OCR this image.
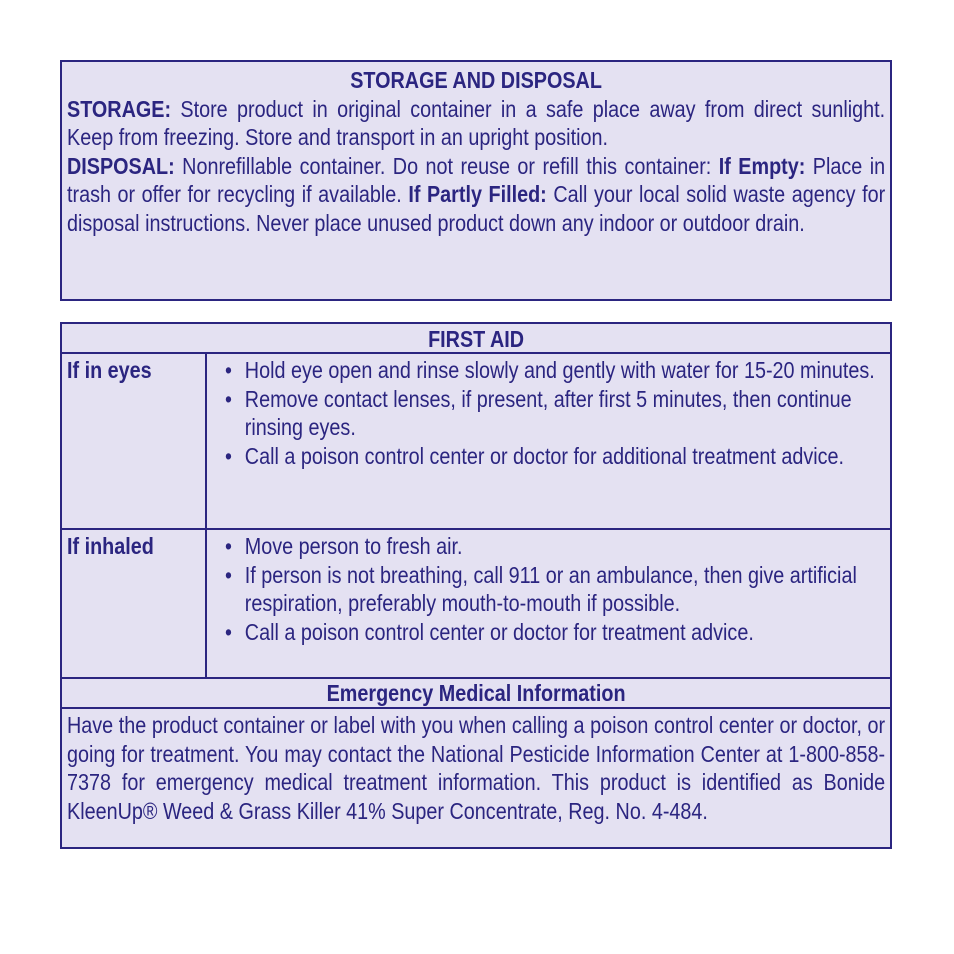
STORAGE AND DISPOSAL
STORAGE: Store product in original container in a safe place away from direct sunlight. Keep from freezing. Store and transport in an upright position.
DISPOSAL: Nonrefillable container. Do not reuse or refill this container: If Empty: Place in trash or offer for recycling if available. If Partly Filled: Call your local solid waste agency for disposal instructions. Never place unused product down any indoor or outdoor drain.
FIRST AID
If in eyes	• Hold eye open and rinse slowly and gently with water for 15-20 minutes.
• Remove contact lenses, if present, after first 5 minutes, then continue rinsing eyes.
• Call a poison control center or doctor for additional treatment advice.
If inhaled	• Move person to fresh air.
• If person is not breathing, call 911 or an ambulance, then give artificial respiration, preferably mouth-to-mouth if possible.
• Call a poison control center or doctor for treatment advice.
Emergency Medical Information
Have the product container or label with you when calling a poison control center or doctor, or going for treatment. You may contact the National Pesticide Information Center at 1-800-858-7378 for emergency medical treatment information. This product is identified as Bonide KleenUp® Weed & Grass Killer 41% Super Concentrate, Reg. No. 4-484.
